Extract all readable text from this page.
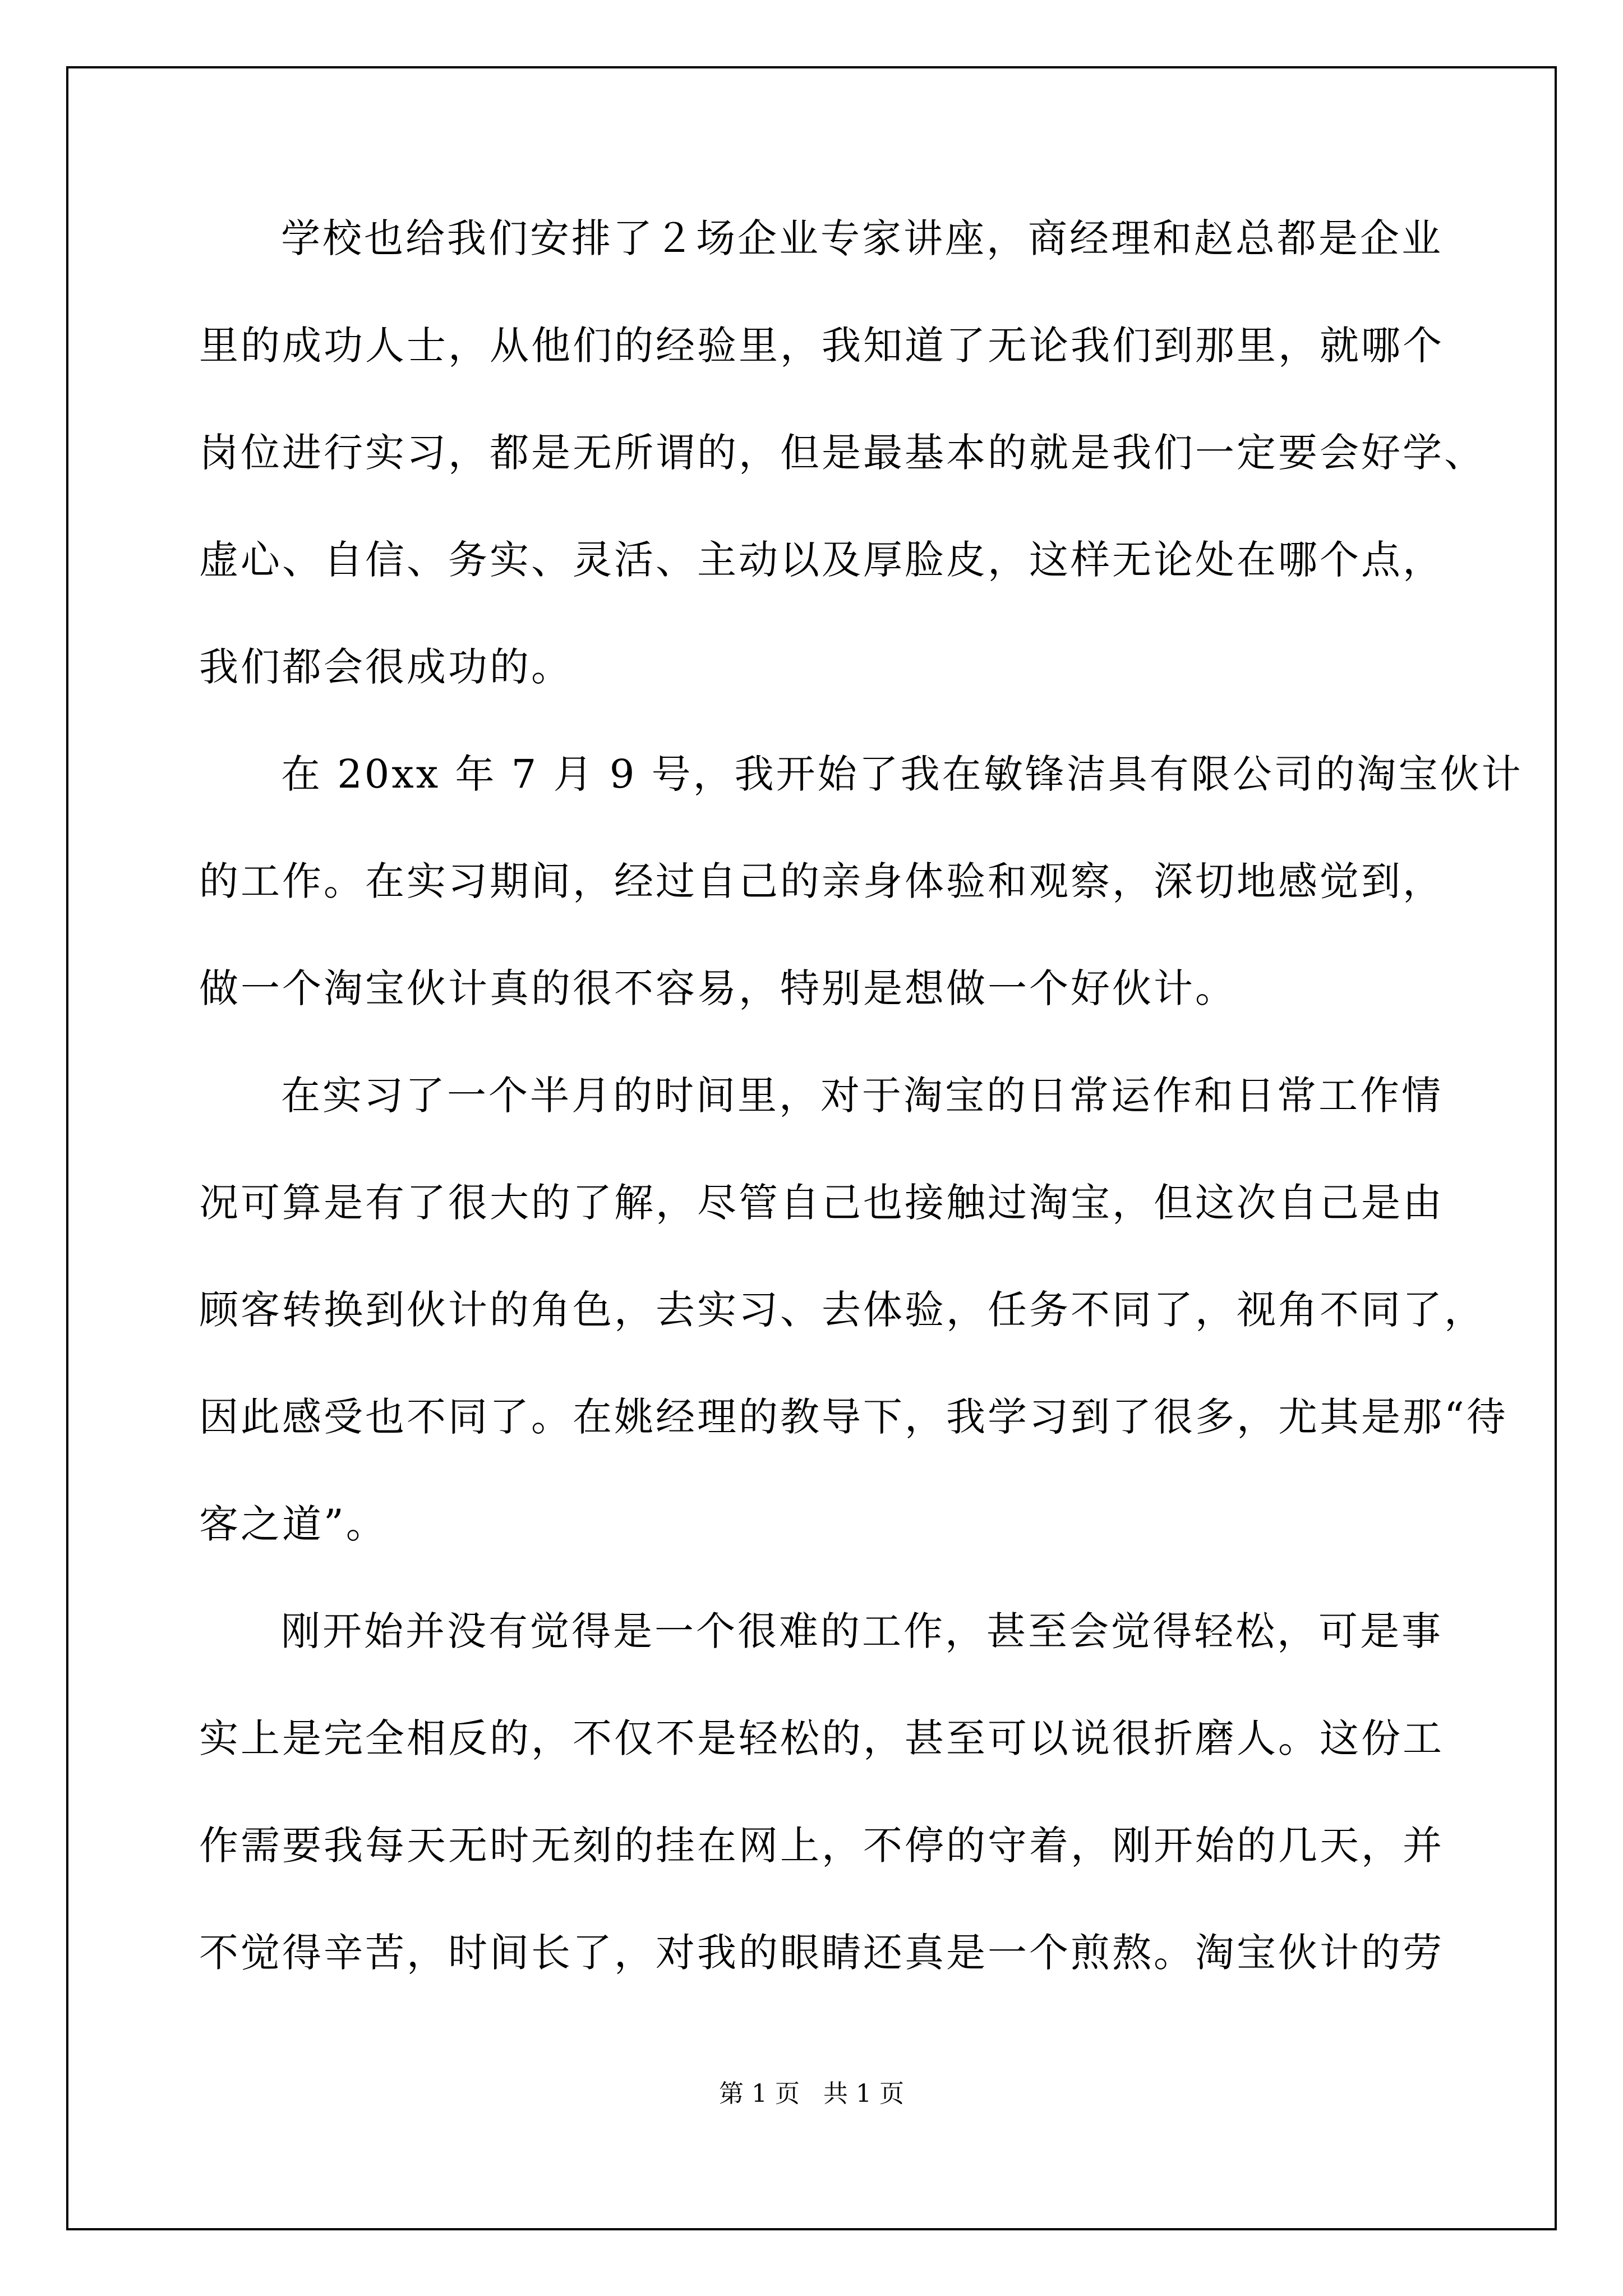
学校也给我们安排了２场企业专家讲座，商经理和赵总都是企业
里的成功人士，从他们的经验里，我知道了无论我们到那里，就哪个
岗位进行实习，都是无所谓的，但是最基本的就是我们一定要会好学、
虚心、自信、务实、灵活、主动以及厚脸皮，这样无论处在哪个点，
我们都会很成功的。
在 20xx 年 7 月 9 号，我开始了我在敏锋洁具有限公司的淘宝伙计
的工作。在实习期间，经过自己的亲身体验和观察，深切地感觉到，
做一个淘宝伙计真的很不容易，特别是想做一个好伙计。
在实习了一个半月的时间里，对于淘宝的日常运作和日常工作情
况可算是有了很大的了解，尽管自己也接触过淘宝，但这次自己是由
顾客转换到伙计的角色，去实习、去体验，任务不同了，视角不同了，
因此感受也不同了。在姚经理的教导下，我学习到了很多，尤其是那“待
客之道”。
刚开始并没有觉得是一个很难的工作，甚至会觉得轻松，可是事
实上是完全相反的，不仅不是轻松的，甚至可以说很折磨人。这份工
作需要我每天无时无刻的挂在网上，不停的守着，刚开始的几天，并
不觉得辛苦，时间长了，对我的眼睛还真是一个煎熬。淘宝伙计的劳
第 1 页 共 1 页
